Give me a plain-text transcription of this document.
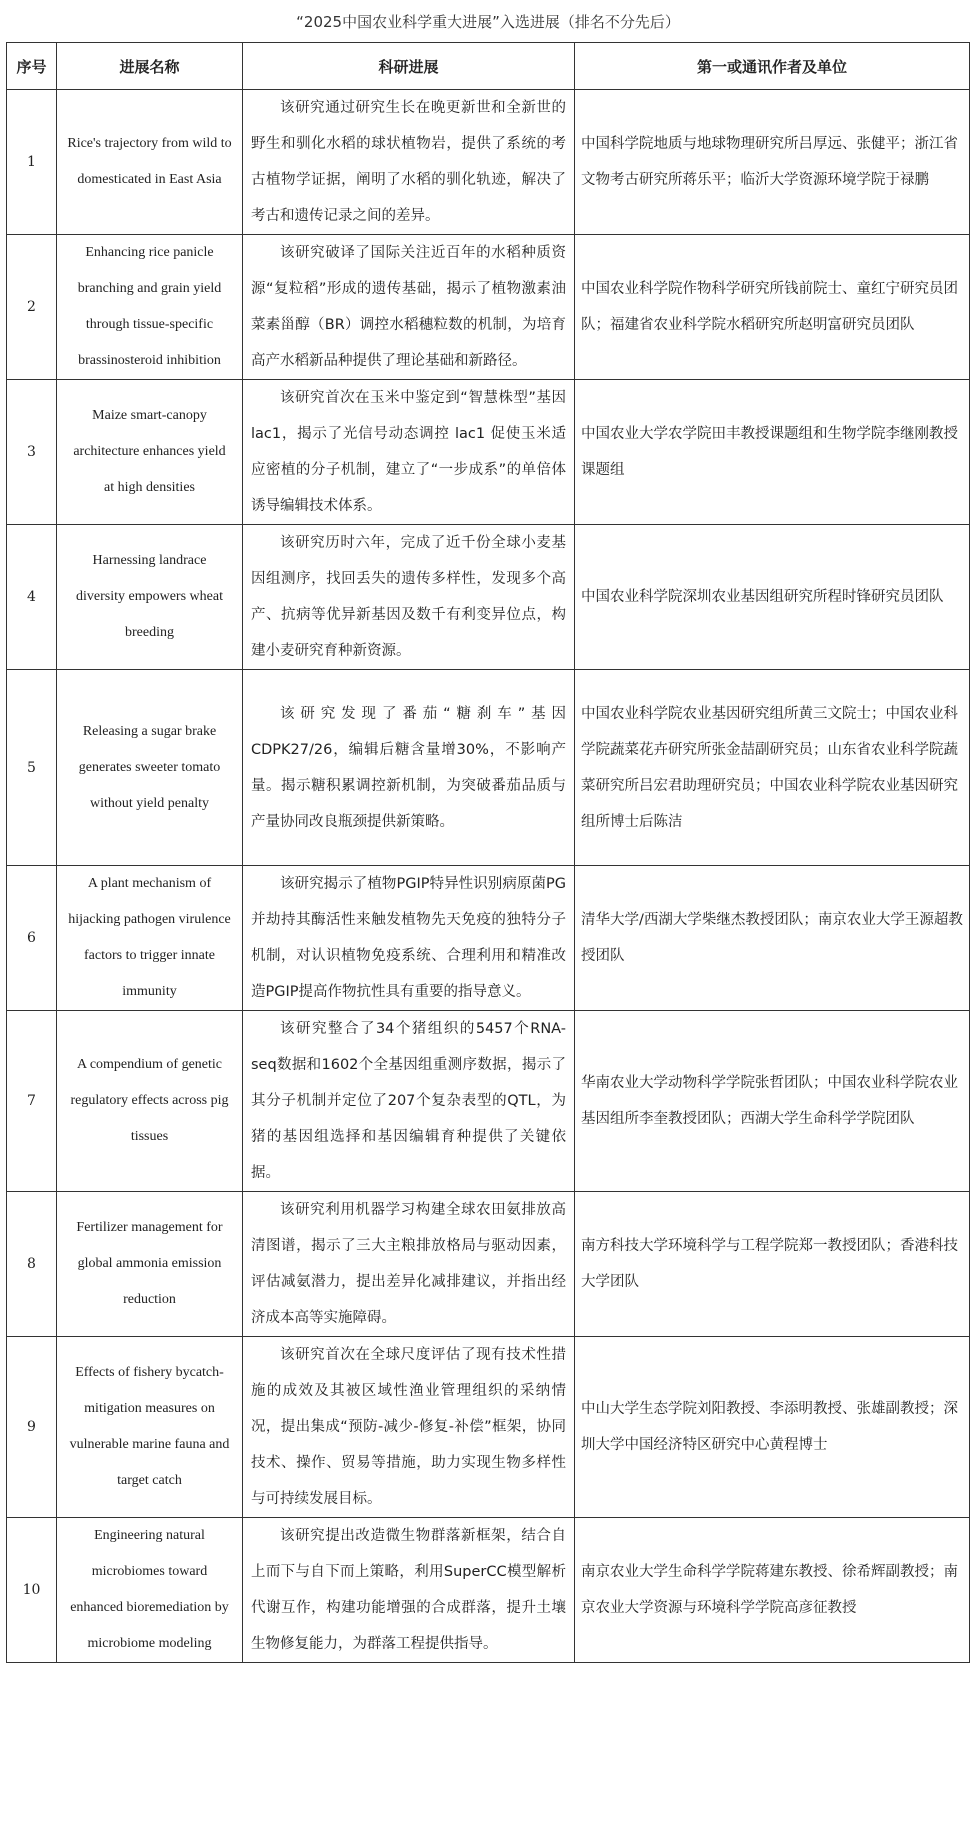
“2025中国农业科学重大进展”入选进展（排名不分先后）
序号	进展名称	科研进展	第一或通讯作者及单位
1	Rice's trajectory from wild to domesticated in East Asia	该研究通过研究生长在晚更新世和全新世的野生和驯化水稻的球状植物岩，提供了系统的考古植物学证据，阐明了水稻的驯化轨迹，解决了考古和遗传记录之间的差异。	中国科学院地质与地球物理研究所吕厚远、张健平；浙江省文物考古研究所蒋乐平；临沂大学资源环境学院于禄鹏
2	Enhancing rice panicle branching and grain yield through tissue-specific brassinosteroid inhibition	该研究破译了国际关注近百年的水稻种质资源“复粒稻”形成的遗传基础，揭示了植物激素油菜素甾醇（BR）调控水稻穗粒数的机制，为培育高产水稻新品种提供了理论基础和新路径。	中国农业科学院作物科学研究所钱前院士、童红宁研究员团队；福建省农业科学院水稻研究所赵明富研究员团队
3	Maize smart-canopy architecture enhances yield at high densities	该研究首次在玉米中鉴定到“智慧株型”基因lac1，揭示了光信号动态调控 lac1 促使玉米适应密植的分子机制，建立了“一步成系”的单倍体诱导编辑技术体系。	中国农业大学农学院田丰教授课题组和生物学院李继刚教授课题组
4	Harnessing landrace diversity empowers wheat breeding	该研究历时六年，完成了近千份全球小麦基因组测序，找回丢失的遗传多样性，发现多个高产、抗病等优异新基因及数千有利变异位点，构建小麦研究育种新资源。	中国农业科学院深圳农业基因组研究所程时锋研究员团队
5	Releasing a sugar brake generates sweeter tomato without yield penalty	该研究发现了番茄“糖刹车”基因CDPK27/26，编辑后糖含量增30%，不影响产量。揭示糖积累调控新机制，为突破番茄品质与产量协同改良瓶颈提供新策略。	中国农业科学院农业基因研究组所黄三文院士；中国农业科学院蔬菜花卉研究所张金喆副研究员；山东省农业科学院蔬菜研究所吕宏君助理研究员；中国农业科学院农业基因研究组所博士后陈洁
6	A plant mechanism of hijacking pathogen virulence factors to trigger innate immunity	该研究揭示了植物PGIP特异性识别病原菌PG并劫持其酶活性来触发植物先天免疫的独特分子机制，对认识植物免疫系统、合理利用和精准改造PGIP提高作物抗性具有重要的指导意义。	清华大学/西湖大学柴继杰教授团队；南京农业大学王源超教授团队
7	A compendium of genetic regulatory effects across pig tissues	该研究整合了34个猪组织的5457个RNA-seq数据和1602个全基因组重测序数据，揭示了其分子机制并定位了207个复杂表型的QTL，为猪的基因组选择和基因编辑育种提供了关键依据。	华南农业大学动物科学学院张哲团队；中国农业科学院农业基因组所李奎教授团队；西湖大学生命科学学院团队
8	Fertilizer management for global ammonia emission reduction	该研究利用机器学习构建全球农田氨排放高清图谱，揭示了三大主粮排放格局与驱动因素，评估减氨潜力，提出差异化减排建议，并指出经济成本高等实施障碍。	南方科技大学环境科学与工程学院郑一教授团队；香港科技大学团队
9	Effects of fishery bycatch-mitigation measures on vulnerable marine fauna and target catch	该研究首次在全球尺度评估了现有技术性措施的成效及其被区域性渔业管理组织的采纳情况，提出集成“预防-减少-修复-补偿”框架，协同技术、操作、贸易等措施，助力实现生物多样性与可持续发展目标。	中山大学生态学院刘阳教授、李添明教授、张雄副教授；深圳大学中国经济特区研究中心黄程博士
10	Engineering natural microbiomes toward enhanced bioremediation by microbiome modeling	该研究提出改造微生物群落新框架，结合自上而下与自下而上策略，利用SuperCC模型解析代谢互作，构建功能增强的合成群落，提升土壤生物修复能力，为群落工程提供指导。	南京农业大学生命科学学院蒋建东教授、徐希辉副教授；南京农业大学资源与环境科学学院高彦征教授
